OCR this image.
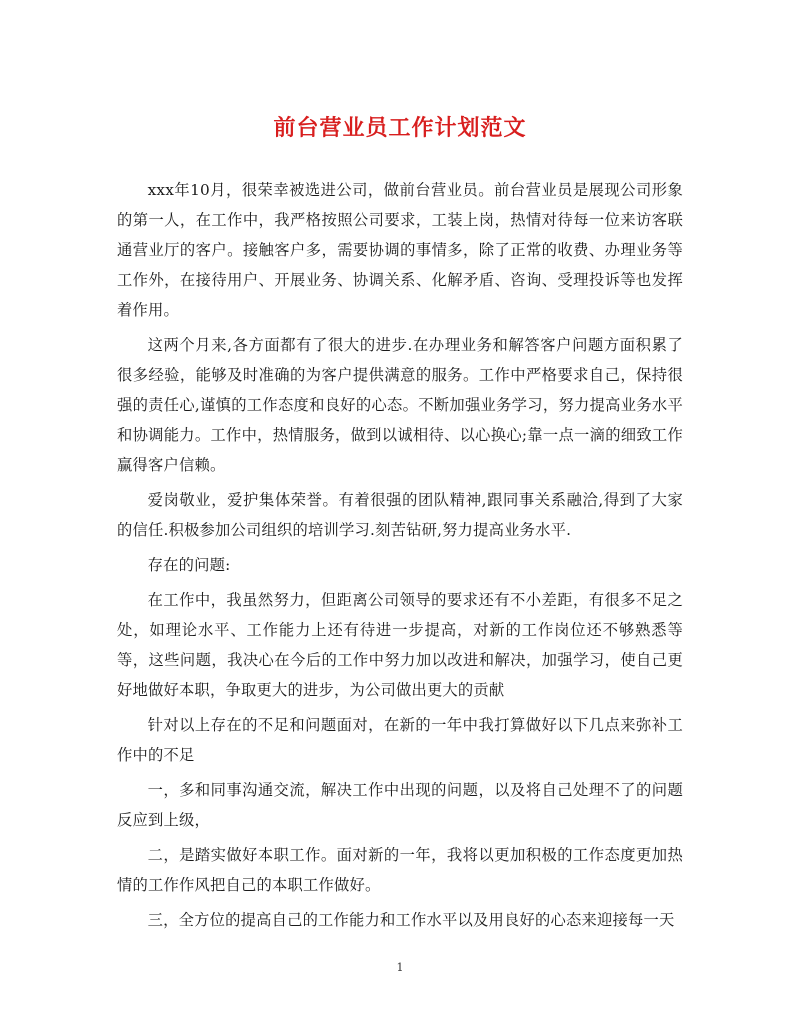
前台营业员工作计划范文

xxx年10月，很荣幸被选进公司，做前台营业员。前台营业员是展现公司形象的第一人，在工作中，我严格按照公司要求，工装上岗，热情对待每一位来访客联通营业厅的客户。接触客户多，需要协调的事情多，除了正常的收费、办理业务等工作外，在接待用户、开展业务、协调关系、化解矛盾、咨询、受理投诉等也发挥着作用。

这两个月来,各方面都有了很大的进步.在办理业务和解答客户问题方面积累了很多经验，能够及时准确的为客户提供满意的服务。工作中严格要求自己，保持很强的责任心,谨慎的工作态度和良好的心态。不断加强业务学习，努力提高业务水平和协调能力。工作中，热情服务，做到以诚相待、以心换心;靠一点一滴的细致工作赢得客户信赖。

爱岗敬业，爱护集体荣誉。有着很强的团队精神,跟同事关系融洽,得到了大家的信任.积极参加公司组织的培训学习.刻苦钻研,努力提高业务水平.

存在的问题:

在工作中，我虽然努力，但距离公司领导的要求还有不小差距，有很多不足之处，如理论水平、工作能力上还有待进一步提高，对新的工作岗位还不够熟悉等等，这些问题，我决心在今后的工作中努力加以改进和解决，加强学习，使自己更好地做好本职，争取更大的进步，为公司做出更大的贡献

针对以上存在的不足和问题面对，在新的一年中我打算做好以下几点来弥补工作中的不足

一，多和同事沟通交流，解决工作中出现的问题，以及将自己处理不了的问题反应到上级，

二，是踏实做好本职工作。面对新的一年，我将以更加积极的工作态度更加热情的工作作风把自己的本职工作做好。

三，全方位的提高自己的工作能力和工作水平以及用良好的心态来迎接每一天

1
